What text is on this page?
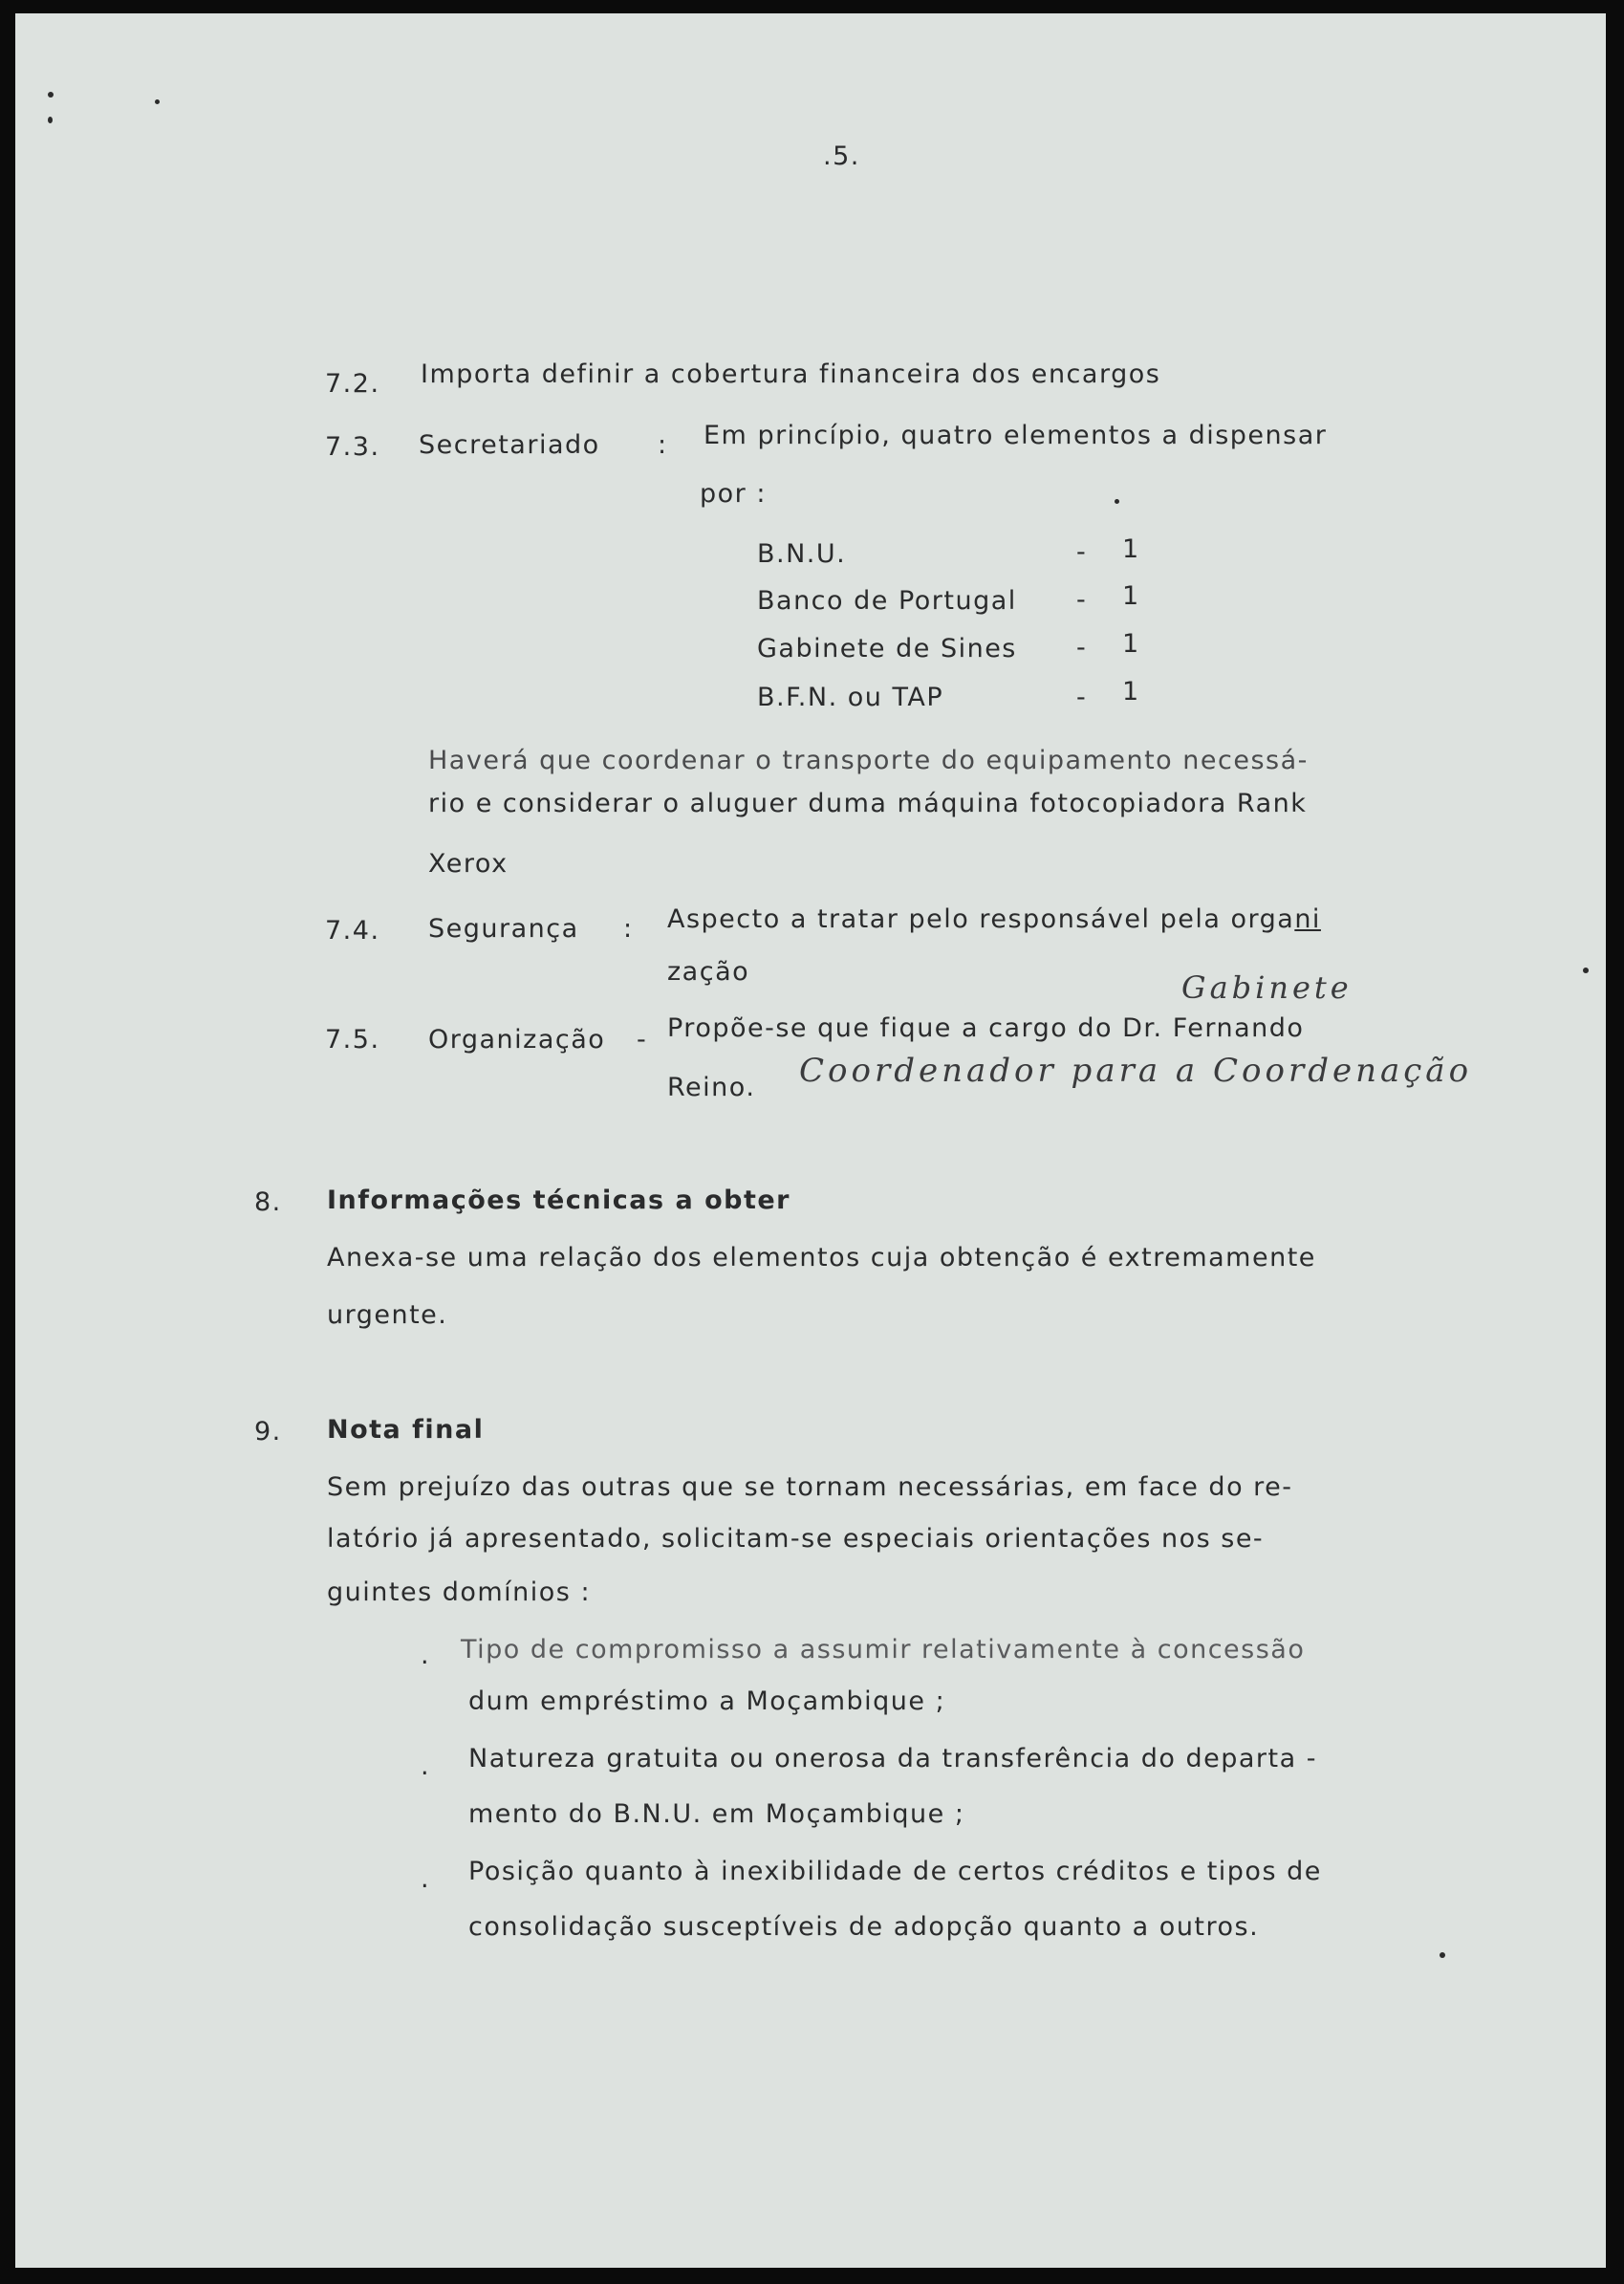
.5.
7.2. Importa definir a cobertura financeira dos encargos
7.3. Secretariado : Em princípio, quatro elementos a dispensar
por :
B.N.U.	- 1
Banco de Portugal - 1
Gabinete de Sines - 1
B.F.N. ou TAP	- 1
Haverá que coordenar o transporte do equipamento necessá-
rio e considerar o aluguer duma máquina fotocopiadora Rank
Xerox
7.4. Segurança : Aspecto a tratar pelo responsável pela organi
zação	Gabinete
7.5. Organização - Propõe-se que fique a cargo do Dr. Fernando
Reino. Coordenador para a Coordenação
8. Informações técnicas a obter
Anexa-se uma relação dos elementos cuja obtenção é extremamente
urgente.
9. Nota final
Sem prejuízo das outras que se tornam necessárias, em face do re-
latório já apresentado, solicitam-se especiais orientações nos se-
guintes domínios :
. Tipo de compromisso a assumir relativamente à concessão
dum empréstimo a Moçambique ;
. Natureza gratuita ou onerosa da transferência do departa -
mento do B.N.U. em Moçambique ;
. Posição quanto à inexibilidade de certos créditos e tipos de
consolidação susceptíveis de adopção quanto a outros.
